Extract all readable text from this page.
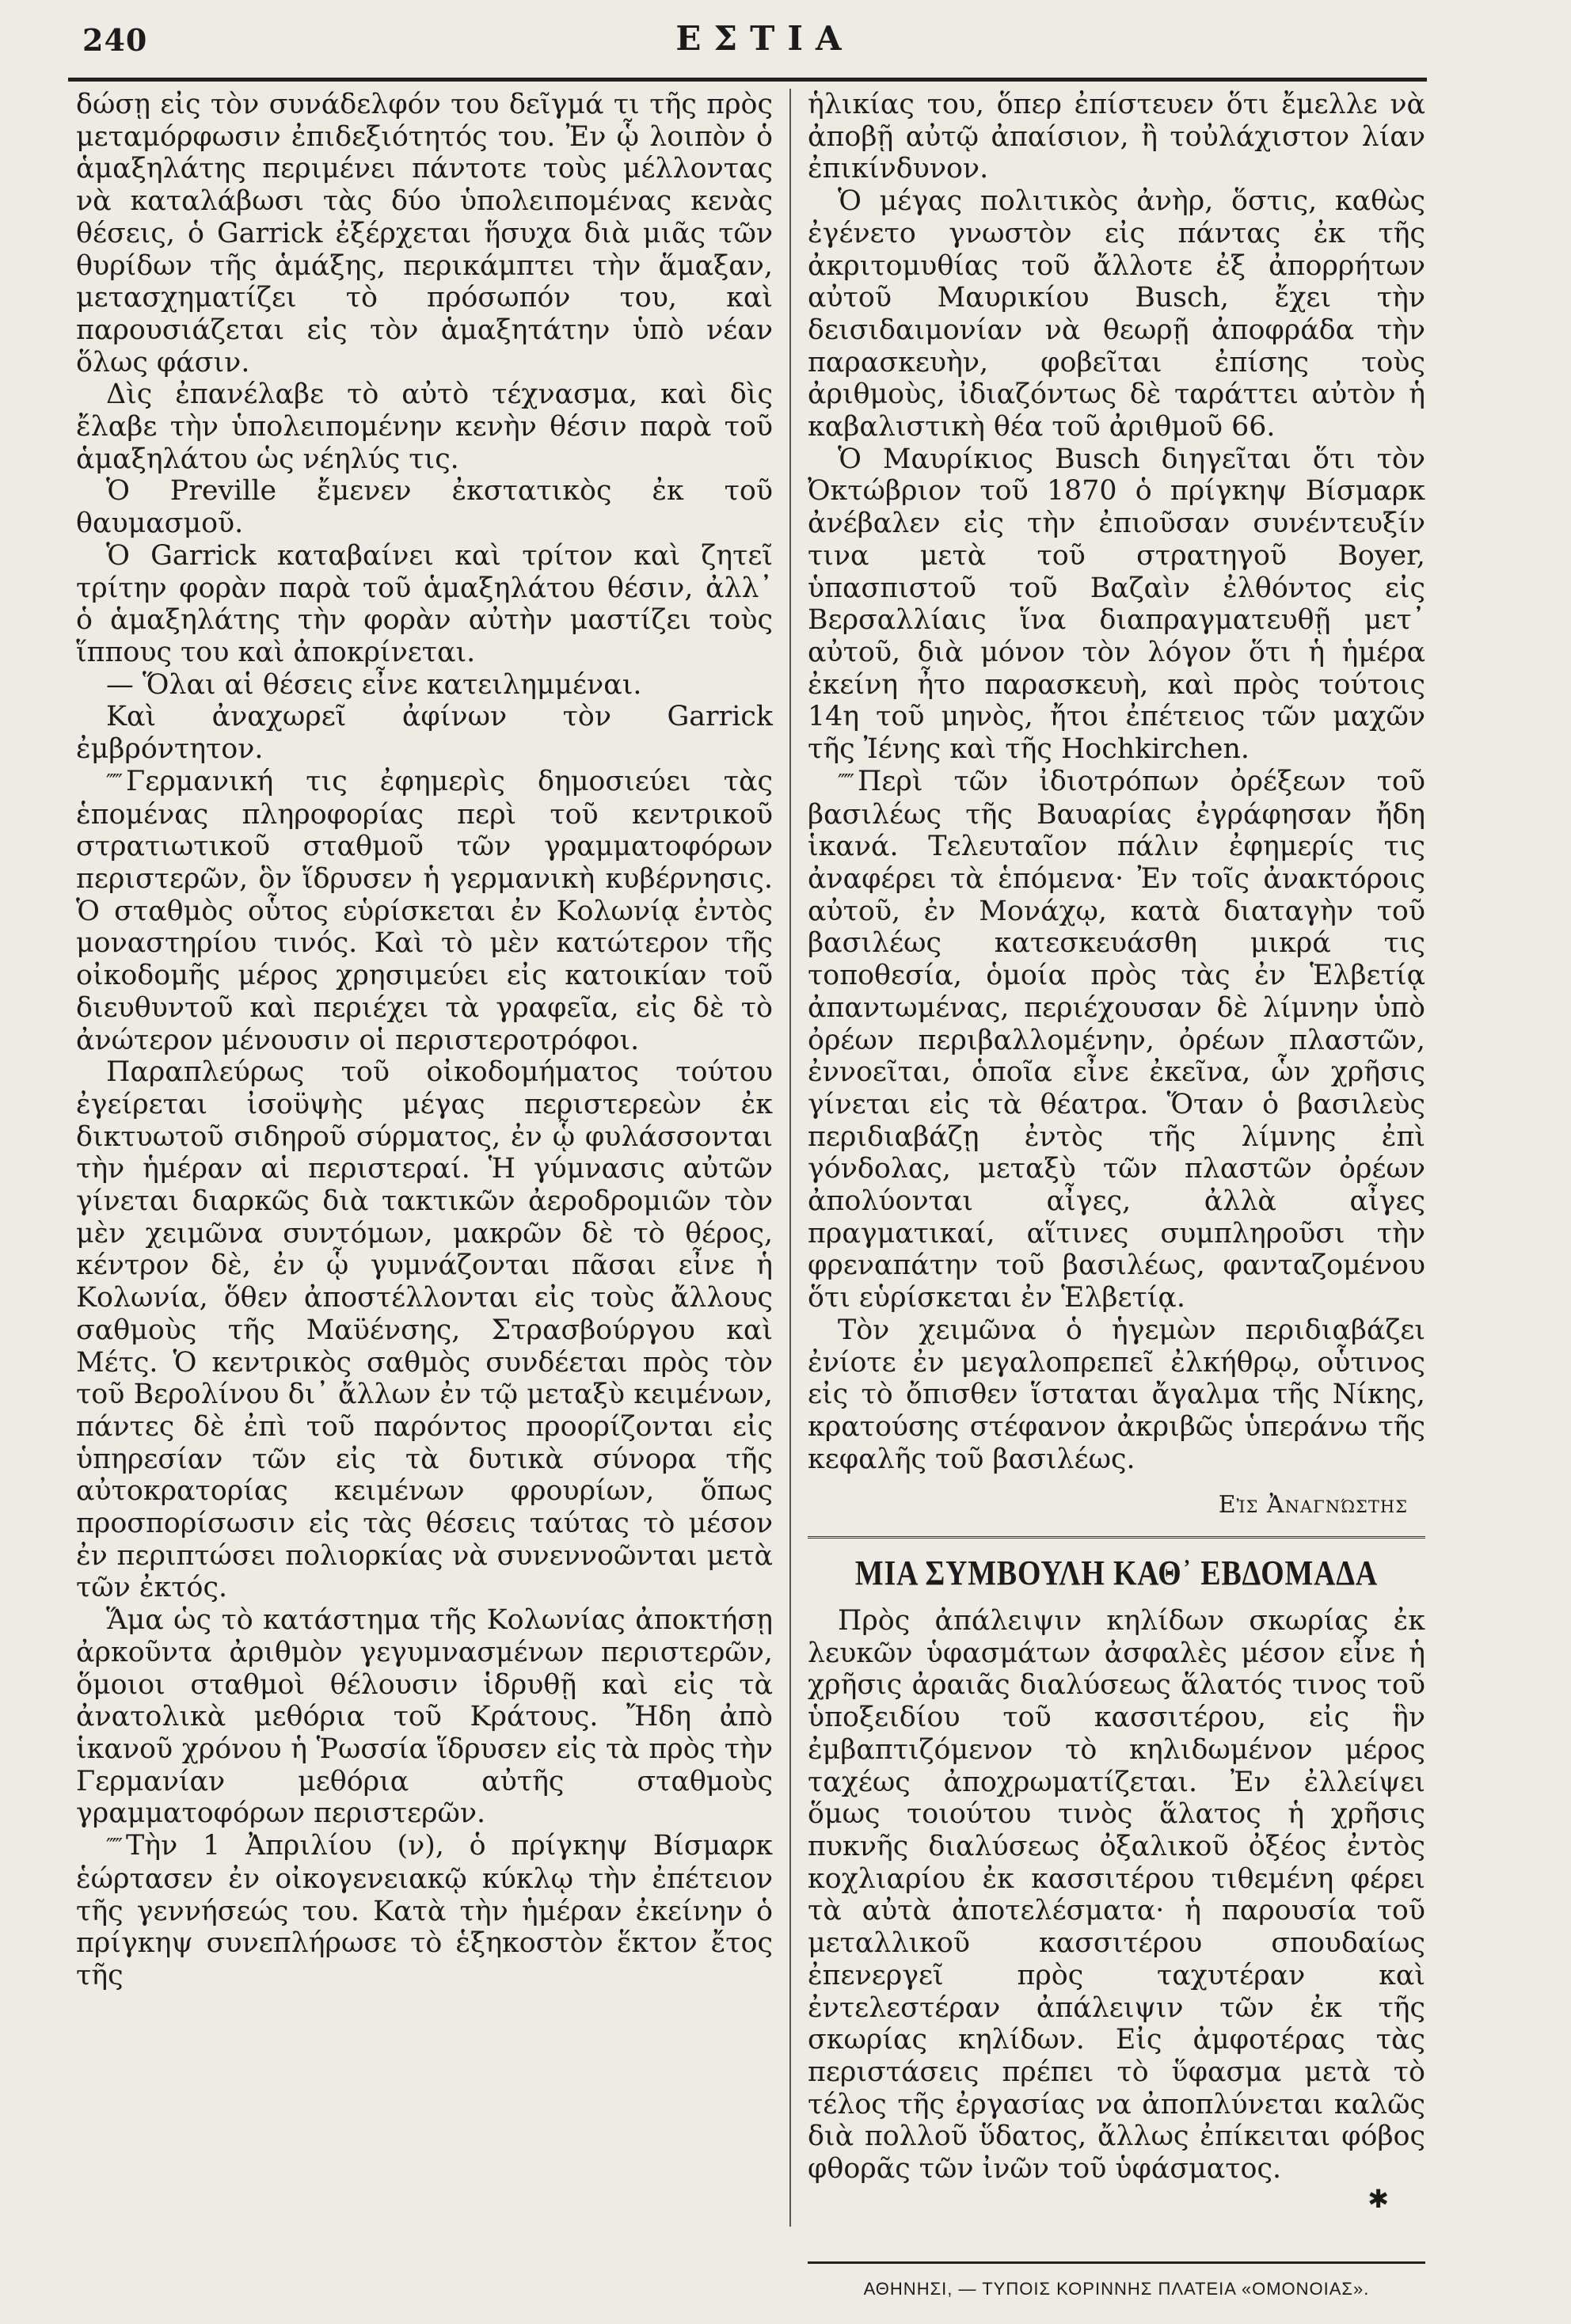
240	ΕΣΤΙΑ

δώσῃ εἰς τὸν συνάδελφόν του δεῖγμά τι τῆς πρὸς μεταμόρφωσιν ἐπιδεξιότητός του. Ἐν ᾧ λοιπὸν ὁ ἁμαξηλάτης περιμένει πάντοτε τοὺς μέλλοντας νὰ καταλάβωσι τὰς δύο ὑπολειπομένας κενὰς θέσεις, ὁ Garrick ἐξέρχεται ἥσυχα διὰ μιᾶς τῶν θυρίδων τῆς ἁμάξης, περικάμπτει τὴν ἅμαξαν, μετασχηματίζει τὸ πρόσωπόν του, καὶ παρουσιάζεται εἰς τὸν ἁμαξητάτην ὑπὸ νέαν ὅλως φάσιν.

Δὶς ἐπανέλαβε τὸ αὐτὸ τέχνασμα, καὶ δὶς ἔλαβε τὴν ὑπολειπομένην κενὴν θέσιν παρὰ τοῦ ἁμαξηλάτου ὡς νέηλύς τις.

Ὁ Preville ἔμενεν ἐκστατικὸς ἐκ τοῦ θαυμασμοῦ.

Ὁ Garrick καταβαίνει καὶ τρίτον καὶ ζητεῖ τρίτην φορὰν παρὰ τοῦ ἁμαξηλάτου θέσιν, ἀλλ᾽ ὁ ἁμαξηλάτης τὴν φορὰν αὐτὴν μαστίζει τοὺς ἵππους του καὶ ἀποκρίνεται.

— Ὅλαι αἱ θέσεις εἶνε κατειλημμέναι.

Καὶ ἀναχωρεῖ ἀφίνων τὸν Garrick ἐμβρόντητον.

‴‴ Γερμανική τις ἐφημερὶς δημοσιεύει τὰς ἑπομένας πληροφορίας περὶ τοῦ κεντρικοῦ στρατιωτικοῦ σταθμοῦ τῶν γραμματοφόρων περιστερῶν, ὃν ἵδρυσεν ἡ γερμανικὴ κυβέρνησις. Ὁ σταθμὸς οὗτος εὑρίσκεται ἐν Κολωνίᾳ ἐντὸς μοναστηρίου τινός. Καὶ τὸ μὲν κατώτερον τῆς οἰκοδομῆς μέρος χρησιμεύει εἰς κατοικίαν τοῦ διευθυντοῦ καὶ περιέχει τὰ γραφεῖα, εἰς δὲ τὸ ἀνώτερον μένουσιν οἱ περιστεροτρόφοι.

Παραπλεύρως τοῦ οἰκοδομήματος τούτου ἐγείρεται ἰσοϋψὴς μέγας περιστερεὼν ἐκ δικτυωτοῦ σιδηροῦ σύρματος, ἐν ᾧ φυλάσσονται τὴν ἡμέραν αἱ περιστεραί. Ἡ γύμνασις αὐτῶν γίνεται διαρκῶς διὰ τακτικῶν ἀεροδρομιῶν τὸν μὲν χειμῶνα συντόμων, μακρῶν δὲ τὸ θέρος, κέντρον δὲ, ἐν ᾧ γυμνάζονται πᾶσαι εἶνε ἡ Κολωνία, ὅθεν ἀποστέλλονται εἰς τοὺς ἄλλους σαθμοὺς τῆς Μαϋένσης, Στρασβούργου καὶ Μέτς. Ὁ κεντρικὸς σαθμὸς συνδέεται πρὸς τὸν τοῦ Βερολίνου δι᾽ ἄλλων ἐν τῷ μεταξὺ κειμένων, πάντες δὲ ἐπὶ τοῦ παρόντος προορίζονται εἰς ὑπηρεσίαν τῶν εἰς τὰ δυτικὰ σύνορα τῆς αὐτοκρατορίας κειμένων φρουρίων, ὅπως προσπορίσωσιν εἰς τὰς θέσεις ταύτας τὸ μέσον ἐν περιπτώσει πολιορκίας νὰ συνεννοῶνται μετὰ τῶν ἐκτός.

Ἅμα ὡς τὸ κατάστημα τῆς Κολωνίας ἀποκτήσῃ ἀρκοῦντα ἀριθμὸν γεγυμνασμένων περιστερῶν, ὅμοιοι σταθμοὶ θέλουσιν ἱδρυθῇ καὶ εἰς τὰ ἀνατολικὰ μεθόρια τοῦ Κράτους. Ἤδη ἀπὸ ἱκανοῦ χρόνου ἡ Ῥωσσία ἵδρυσεν εἰς τὰ πρὸς τὴν Γερμανίαν μεθόρια αὐτῆς σταθμοὺς γραμματοφόρων περιστερῶν.

‴‴ Τὴν 1 Ἀπριλίου (ν), ὁ πρίγκηψ Βίσμαρκ ἑώρτασεν ἐν οἰκογενειακῷ κύκλῳ τὴν ἐπέτειον τῆς γεννήσεώς του. Κατὰ τὴν ἡμέραν ἐκείνην ὁ πρίγκηψ συνεπλήρωσε τὸ ἑξηκοστὸν ἕκτον ἔτος τῆς

ἡλικίας του, ὅπερ ἐπίστευεν ὅτι ἔμελλε νὰ ἀποβῇ αὐτῷ ἀπαίσιον, ἢ τοὐλάχιστον λίαν ἐπικίνδυνον.

Ὁ μέγας πολιτικὸς ἀνὴρ, ὅστις, καθὼς ἐγένετο γνωστὸν εἰς πάντας ἐκ τῆς ἀκριτομυθίας τοῦ ἄλλοτε ἐξ ἀπορρήτων αὐτοῦ Μαυρικίου Busch, ἔχει τὴν δεισιδαιμονίαν νὰ θεωρῇ ἀποφράδα τὴν παρασκευὴν, φοβεῖται ἐπίσης τοὺς ἀριθμοὺς, ἰδιαζόντως δὲ ταράττει αὐτὸν ἡ καβαλιστικὴ θέα τοῦ ἀριθμοῦ 66.

Ὁ Μαυρίκιος Busch διηγεῖται ὅτι τὸν Ὀκτώβριον τοῦ 1870 ὁ πρίγκηψ Βίσμαρκ ἀνέβαλεν εἰς τὴν ἐπιοῦσαν συνέντευξίν τινα μετὰ τοῦ στρατηγοῦ Boyer, ὑπασπιστοῦ τοῦ Βαζαὶν ἐλθόντος εἰς Βερσαλλίαις ἵνα διαπραγματευθῇ μετ᾽ αὐτοῦ, διὰ μόνον τὸν λόγον ὅτι ἡ ἡμέρα ἐκείνη ἦτο παρασκευὴ, καὶ πρὸς τούτοις 14η τοῦ μηνὸς, ἤτοι ἐπέτειος τῶν μαχῶν τῆς Ἰένης καὶ τῆς Hochkirchen.

‴‴ Περὶ τῶν ἰδιοτρόπων ὀρέξεων τοῦ βασιλέως τῆς Βαυαρίας ἐγράφησαν ἤδη ἱκανά. Τελευταῖον πάλιν ἐφημερίς τις ἀναφέρει τὰ ἑπόμενα· Ἐν τοῖς ἀνακτόροις αὐτοῦ, ἐν Μονάχῳ, κατὰ διαταγὴν τοῦ βασιλέως κατεσκευάσθη μικρά τις τοποθεσία, ὁμοία πρὸς τὰς ἐν Ἑλβετίᾳ ἀπαντωμένας, περιέχουσαν δὲ λίμνην ὑπὸ ὀρέων περιβαλλομένην, ὀρέων πλαστῶν, ἐννοεῖται, ὁποῖα εἶνε ἐκεῖνα, ὧν χρῆσις γίνεται εἰς τὰ θέατρα. Ὅταν ὁ βασιλεὺς περιδιαβάζῃ ἐντὸς τῆς λίμνης ἐπὶ γόνδολας, μεταξὺ τῶν πλαστῶν ὀρέων ἀπολύονται αἶγες, ἀλλὰ αἶγες πραγματικαί, αἵτινες συμπληροῦσι τὴν φρεναπάτην τοῦ βασιλέως, φανταζομένου ὅτι εὑρίσκεται ἐν Ἑλβετίᾳ.

Τὸν χειμῶνα ὁ ἡγεμὼν περιδιαβάζει ἐνίοτε ἐν μεγαλοπρεπεῖ ἐλκήθρῳ, οὗτινος εἰς τὸ ὄπισθεν ἵσταται ἄγαλμα τῆς Νίκης, κρατούσης στέφανον ἀκριβῶς ὑπεράνω τῆς κεφαλῆς τοῦ βασιλέως.

Εἰς Ἀναγνώστης
ΜΙΑ ΣΥΜΒΟΥΛΗ ΚΑΘ᾽ ΕΒΔΟΜΑΔΑ

Πρὸς ἀπάλειψιν κηλίδων σκωρίας ἐκ λευκῶν ὑφασμάτων ἀσφαλὲς μέσον εἶνε ἡ χρῆσις ἀραιᾶς διαλύσεως ἅλατός τινος τοῦ ὑποξειδίου τοῦ κασσιτέρου, εἰς ἣν ἐμβαπτιζόμενον τὸ κηλιδωμένον μέρος ταχέως ἀποχρωματίζεται. Ἐν ἐλλείψει ὅμως τοιούτου τινὸς ἅλατος ἡ χρῆσις πυκνῆς διαλύσεως ὀξαλικοῦ ὀξέος ἐντὸς κοχλιαρίου ἐκ κασσιτέρου τιθεμένη φέρει τὰ αὐτὰ ἀποτελέσματα· ἡ παρουσία τοῦ μεταλλικοῦ κασσιτέρου σπουδαίως ἐπενεργεῖ πρὸς ταχυτέραν καὶ ἐντελεστέραν ἀπάλειψιν τῶν ἐκ τῆς σκωρίας κηλίδων. Εἰς ἀμφοτέρας τὰς περιστάσεις πρέπει τὸ ὕφασμα μετὰ τὸ τέλος τῆς ἐργασίας να ἀποπλύνεται καλῶς διὰ πολλοῦ ὕδατος, ἄλλως ἐπίκειται φόβος φθορᾶς τῶν ἰνῶν τοῦ ὑφάσματος.

✱
ΑΘΗΝΗΣΙ, — ΤΥΠΟΙΣ ΚΟΡΙΝΝΗΣ ΠΛΑΤΕΙΑ «ΟΜΟΝΟΙΑΣ».
